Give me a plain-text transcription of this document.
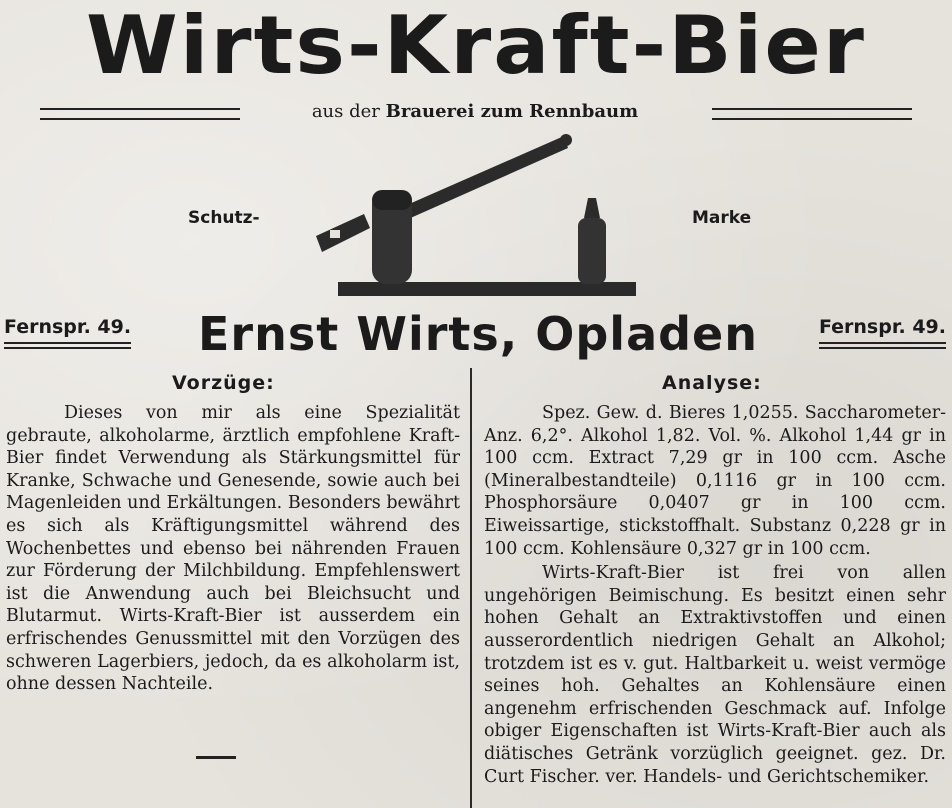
Wirts-Kraft-Bier
aus der Brauerei zum Rennbaum
Schutz-	Marke
Fernspr. 49.	Ernst Wirts, Opladen	Fernspr. 49.
Vorzüge:

Dieses von mir als eine Spezialität gebraute, alkoholarme, ärztlich empfohlene Kraft-Bier findet Verwendung als Stärkungsmittel für Kranke, Schwache und Genesende, sowie auch bei Magenleiden und Erkältungen. Besonders bewährt es sich als Kräftigungsmittel während des Wochenbettes und ebenso bei nährenden Frauen zur Förderung der Milchbildung. Empfehlenswert ist die Anwendung auch bei Bleichsucht und Blutarmut. Wirts-Kraft-Bier ist ausserdem ein erfrischendes Genussmittel mit den Vorzügen des schweren Lagerbiers, jedoch, da es alkoholarm ist, ohne dessen Nachteile.

Analyse:

Spez. Gew. d. Bieres 1,0255. Saccharometer-Anz. 6,2°. Alkohol 1,82. Vol. %. Alkohol 1,44 gr in 100 ccm. Extract 7,29 gr in 100 ccm. Asche (Mineralbestandteile) 0,1116 gr in 100 ccm. Phosphorsäure 0,0407 gr in 100 ccm. Eiweissartige, stickstoffhalt. Substanz 0,228 gr in 100 ccm. Kohlensäure 0,327 gr in 100 ccm.

Wirts-Kraft-Bier ist frei von allen ungehörigen Beimischung. Es besitzt einen sehr hohen Gehalt an Extraktivstoffen und einen ausserordentlich niedrigen Gehalt an Alkohol; trotzdem ist es v. gut. Haltbarkeit u. weist vermöge seines hoh. Gehaltes an Kohlensäure einen angenehm erfrischenden Geschmack auf. Infolge obiger Eigenschaften ist Wirts-Kraft-Bier auch als diätisches Getränk vorzüglich geeignet. gez. Dr. Curt Fischer. ver. Handels- und Gerichtschemiker.
